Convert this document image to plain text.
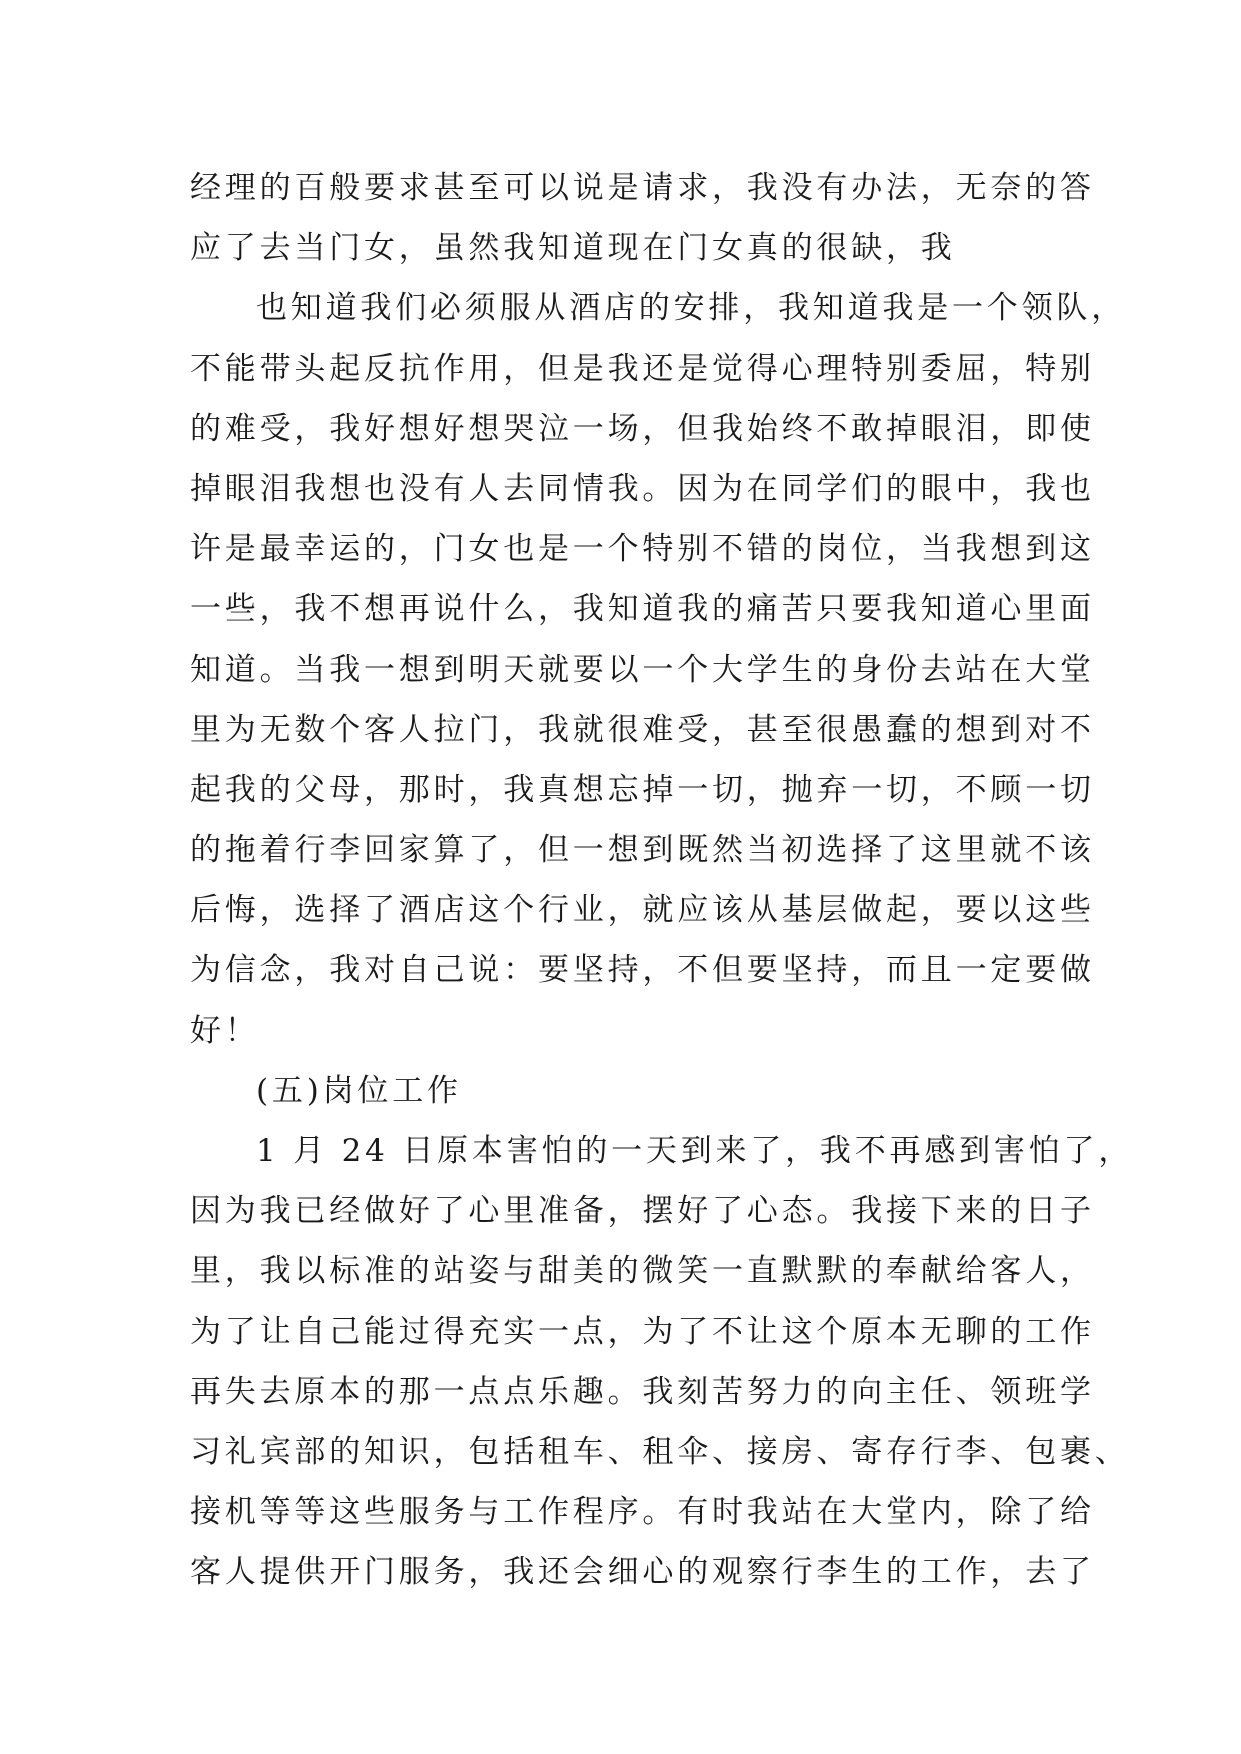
经理的百般要求甚至可以说是请求，我没有办法，无奈的答
应了去当门女，虽然我知道现在门女真的很缺，我
也知道我们必须服从酒店的安排，我知道我是一个领队，
不能带头起反抗作用，但是我还是觉得心理特别委屈，特别
的难受，我好想好想哭泣一场，但我始终不敢掉眼泪，即使
掉眼泪我想也没有人去同情我。因为在同学们的眼中，我也
许是最幸运的，门女也是一个特别不错的岗位，当我想到这
一些，我不想再说什么，我知道我的痛苦只要我知道心里面
知道。当我一想到明天就要以一个大学生的身份去站在大堂
里为无数个客人拉门，我就很难受，甚至很愚蠢的想到对不
起我的父母，那时，我真想忘掉一切，抛弃一切，不顾一切
的拖着行李回家算了，但一想到既然当初选择了这里就不该
后悔，选择了酒店这个行业，就应该从基层做起，要以这些
为信念，我对自己说：要坚持，不但要坚持，而且一定要做
好！
(五)岗位工作
1 月 24 日原本害怕的一天到来了，我不再感到害怕了，
因为我已经做好了心里准备，摆好了心态。我接下来的日子
里，我以标准的站姿与甜美的微笑一直默默的奉献给客人，
为了让自己能过得充实一点，为了不让这个原本无聊的工作
再失去原本的那一点点乐趣。我刻苦努力的向主任、领班学
习礼宾部的知识，包括租车、租伞、接房、寄存行李、包裹、
接机等等这些服务与工作程序。有时我站在大堂内，除了给
客人提供开门服务，我还会细心的观察行李生的工作，去了
